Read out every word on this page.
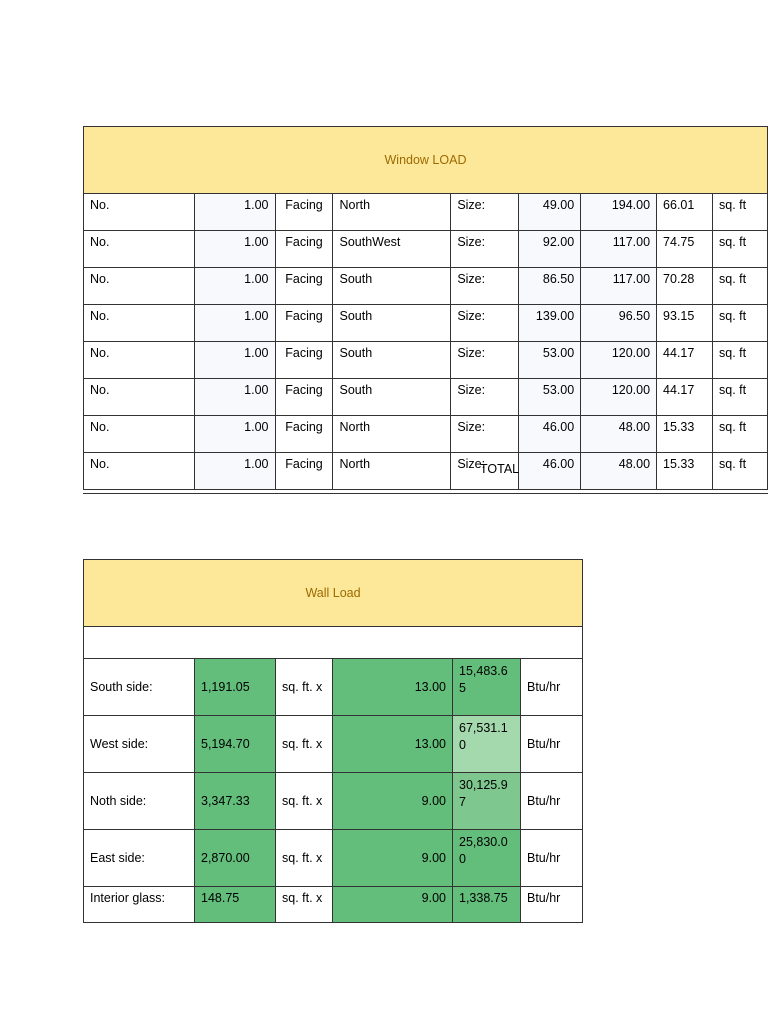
Window LOAD								
No.	1.00	Facing	North	Size:	49.00	194.00	66.01	sq. ft
No.	1.00	Facing	SouthWest	Size:	92.00	117.00	74.75	sq. ft
No.	1.00	Facing	South	Size:	86.50	117.00	70.28	sq. ft
No.	1.00	Facing	South	Size:	139.00	96.50	93.15	sq. ft
No.	1.00	Facing	South	Size:	53.00	120.00	44.17	sq. ft
No.	1.00	Facing	South	Size:	53.00	120.00	44.17	sq. ft
No.	1.00	Facing	North	Size:	46.00	48.00	15.33	sq. ft
No.	1.00	Facing	North	Size:	46.00	48.00	15.33	sq. ft
TOTAL
Wall Load					

South side:	1,191.05	sq. ft. x	13.00	15,483.65	Btu/hr
West side:	5,194.70	sq. ft. x	13.00	67,531.10	Btu/hr
Noth side:	3,347.33	sq. ft. x	9.00	30,125.97	Btu/hr
East side:	2,870.00	sq. ft. x	9.00	25,830.00	Btu/hr
Interior glass:	148.75	sq. ft. x	9.00	1,338.75	Btu/hr
